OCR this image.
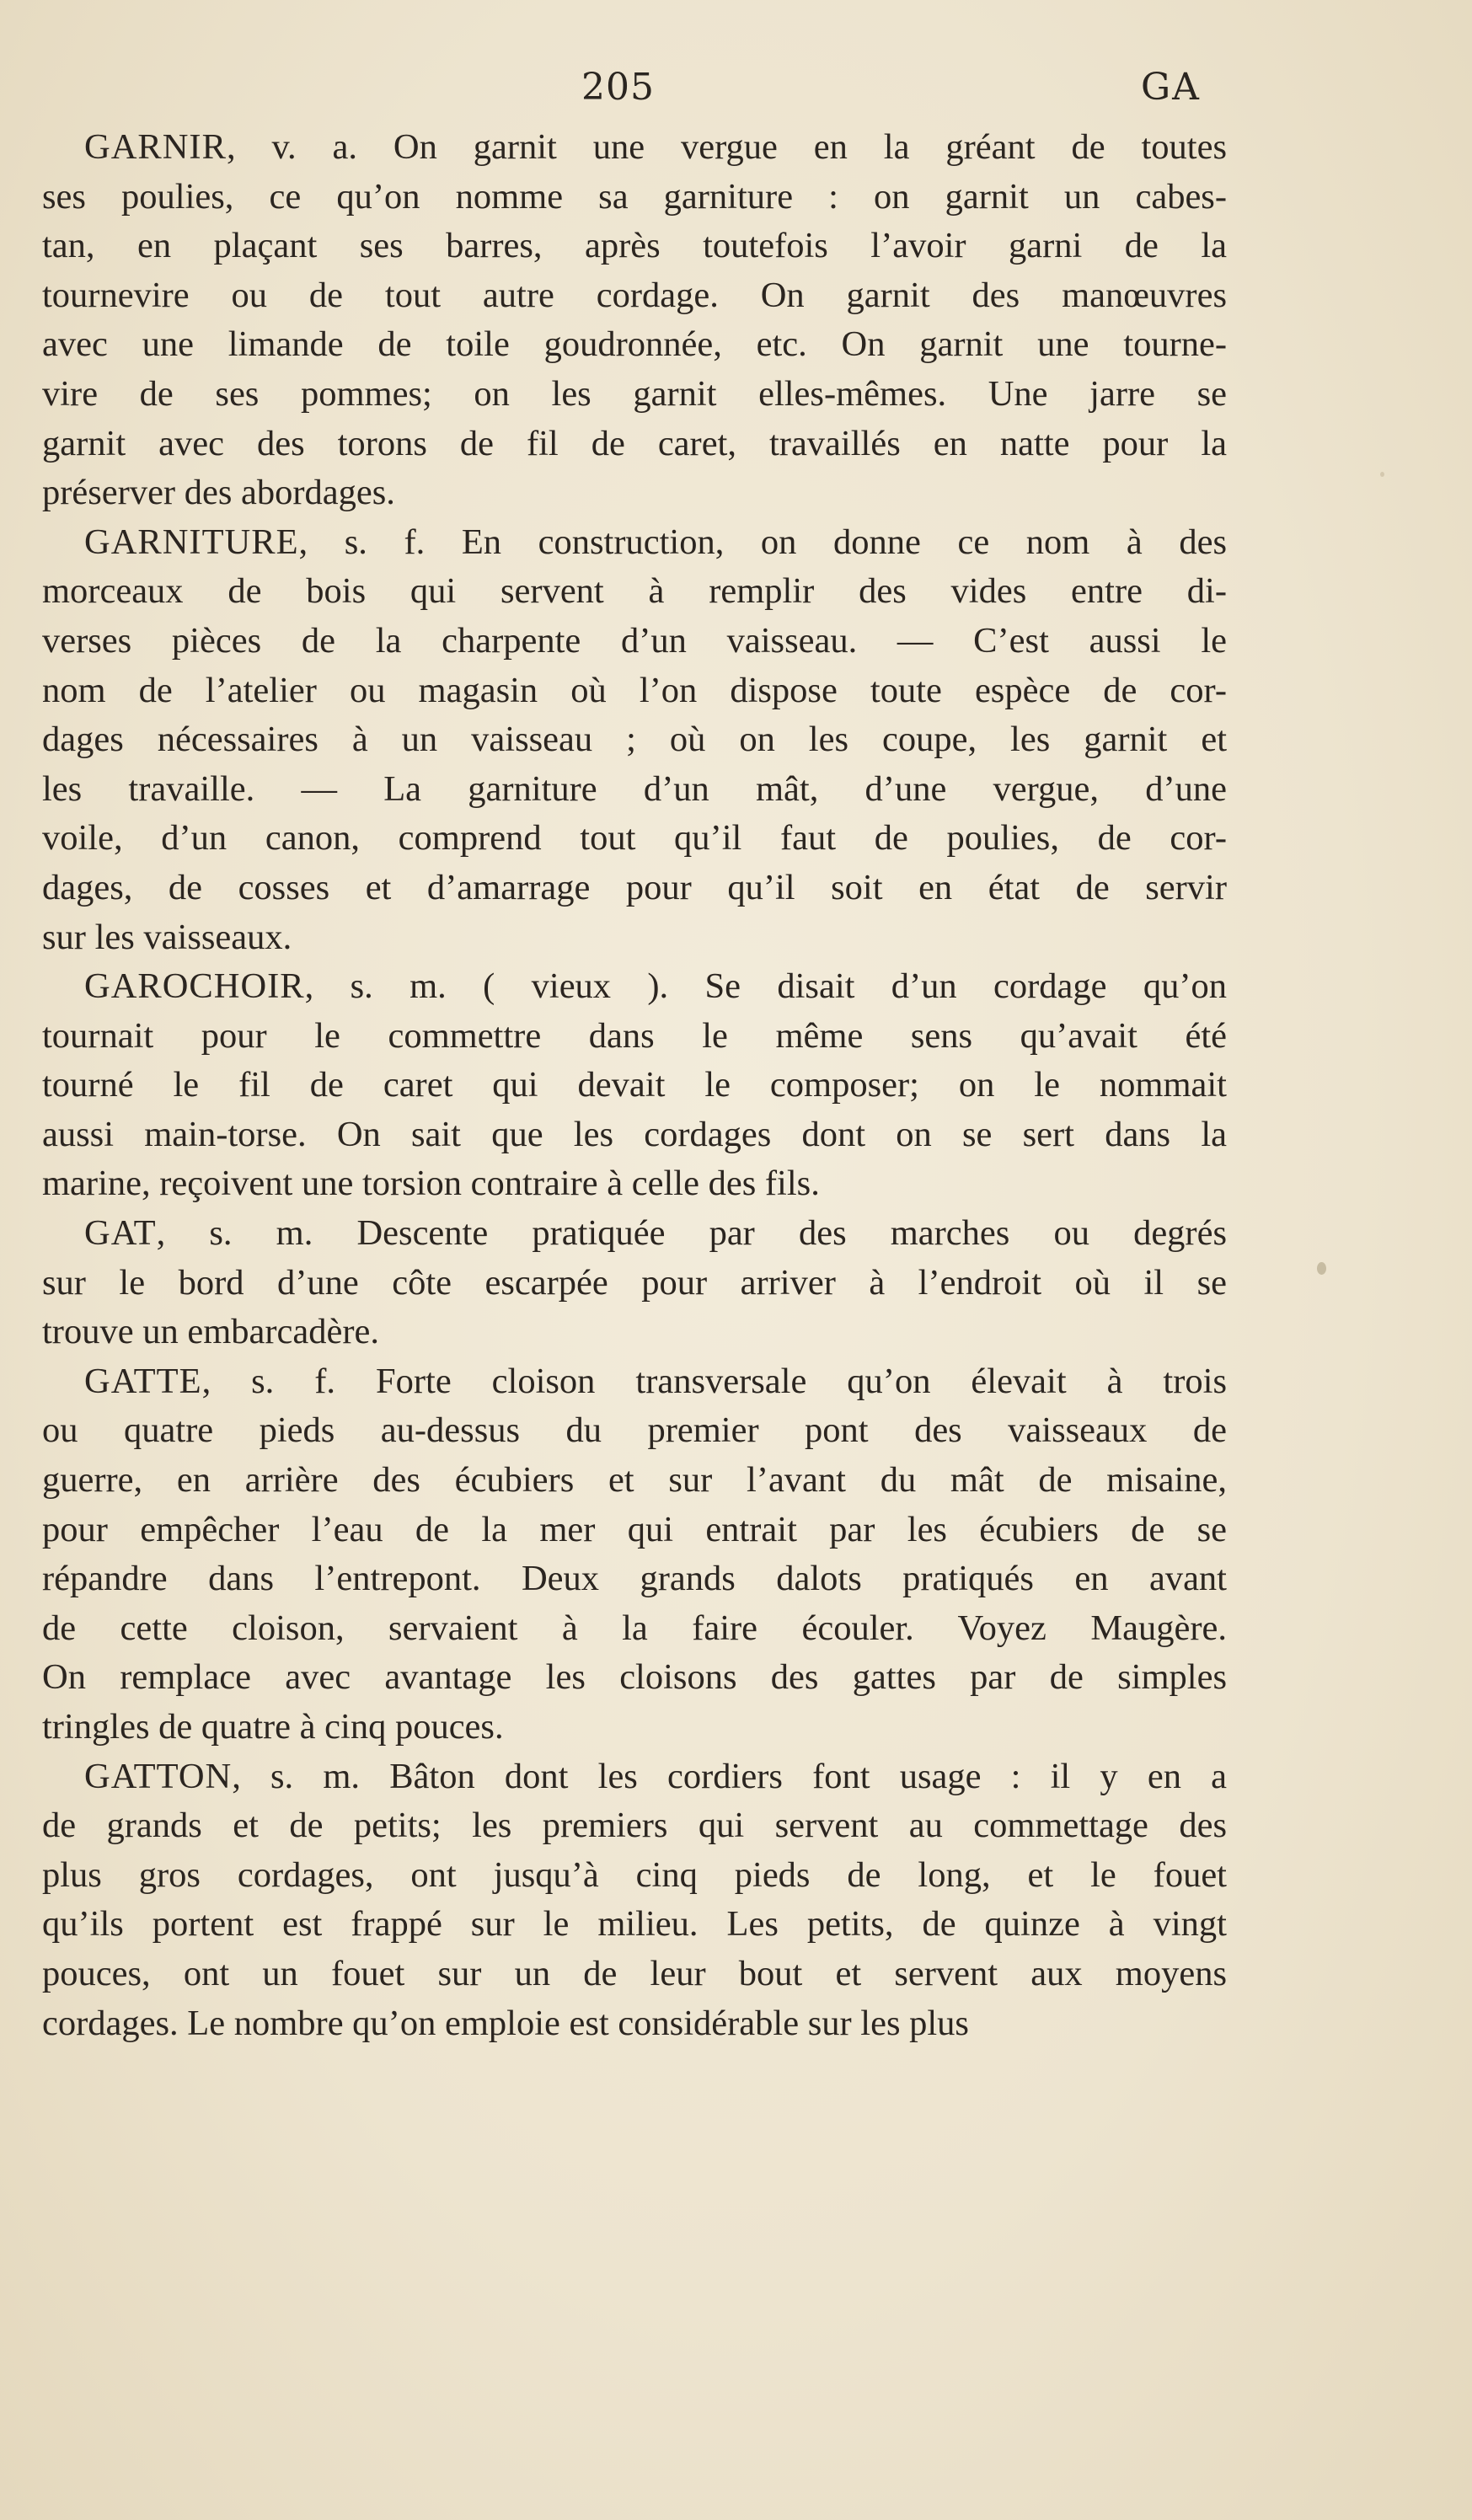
205	GA
GARNIR, v. a. On garnit une vergue en la gréant de toutes
ses poulies, ce qu’on nomme sa garniture : on garnit un cabes-
tan, en plaçant ses barres, après toutefois l’avoir garni de la
tournevire ou de tout autre cordage. On garnit des manœuvres
avec une limande de toile goudronnée, etc. On garnit une tourne-
vire de ses pommes; on les garnit elles-mêmes. Une jarre se
garnit avec des torons de fil de caret, travaillés en natte pour la
préserver des abordages.
GARNITURE, s. f. En construction, on donne ce nom à des
morceaux de bois qui servent à remplir des vides entre di-
verses pièces de la charpente d’un vaisseau. — C’est aussi le
nom de l’atelier ou magasin où l’on dispose toute espèce de cor-
dages nécessaires à un vaisseau ; où on les coupe, les garnit et
les travaille. — La garniture d’un mât, d’une vergue, d’une
voile, d’un canon, comprend tout qu’il faut de poulies, de cor-
dages, de cosses et d’amarrage pour qu’il soit en état de servir
sur les vaisseaux.
GAROCHOIR, s. m. ( vieux ). Se disait d’un cordage qu’on
tournait pour le commettre dans le même sens qu’avait été
tourné le fil de caret qui devait le composer; on le nommait
aussi main-torse. On sait que les cordages dont on se sert dans la
marine, reçoivent une torsion contraire à celle des fils.
GAT, s. m. Descente pratiquée par des marches ou degrés
sur le bord d’une côte escarpée pour arriver à l’endroit où il se
trouve un embarcadère.
GATTE, s. f. Forte cloison transversale qu’on élevait à trois
ou quatre pieds au-dessus du premier pont des vaisseaux de
guerre, en arrière des écubiers et sur l’avant du mât de misaine,
pour empêcher l’eau de la mer qui entrait par les écubiers de se
répandre dans l’entrepont. Deux grands dalots pratiqués en avant
de cette cloison, servaient à la faire écouler. Voyez Maugère.
On remplace avec avantage les cloisons des gattes par de simples
tringles de quatre à cinq pouces.
GATTON, s. m. Bâton dont les cordiers font usage : il y en a
de grands et de petits; les premiers qui servent au commettage des
plus gros cordages, ont jusqu’à cinq pieds de long, et le fouet
qu’ils portent est frappé sur le milieu. Les petits, de quinze à vingt
pouces, ont un fouet sur un de leur bout et servent aux moyens
cordages. Le nombre qu’on emploie est considérable sur les plus
